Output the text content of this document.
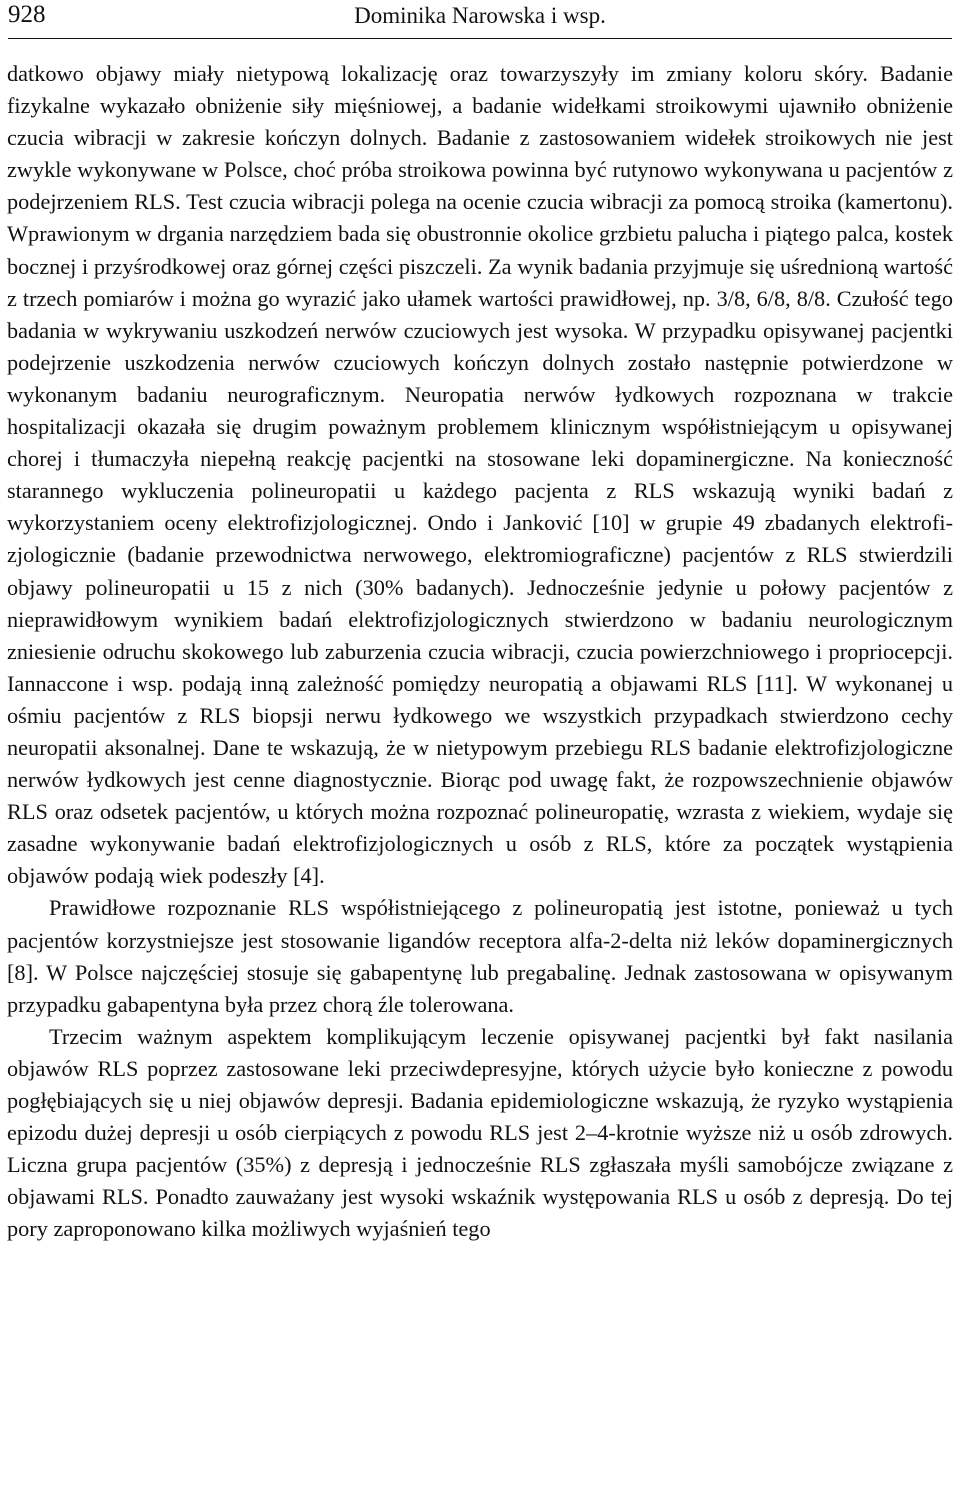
928	Dominika Narowska i wsp.

datkowo objawy miały nietypową lokalizację oraz towarzyszyły im zmiany koloru skóry. Badanie fizykalne wykazało obniżenie siły mięśniowej, a badanie widełkami stroikowymi ujawniło obniżenie czucia wibracji w zakresie kończyn dolnych. Badanie z zastosowaniem widełek stroikowych nie jest zwykle wykonywane w Polsce, choć próba stroikowa powinna być rutynowo wykonywana u pacjentów z podejrzeniem RLS. Test czucia wibracji polega na ocenie czucia wibracji za pomocą stroika (kamertonu). Wprawionym w drgania narzędziem bada się obustronnie okolice grzbietu palucha i piątego palca, kostek bocznej i przyśrodkowej oraz górnej części piszczeli. Za wynik badania przyjmuje się uśrednioną wartość z trzech pomiarów i można go wyrazić jako ułamek wartości prawidłowej, np. 3/8, 6/8, 8/8. Czułość tego badania w wykrywaniu uszkodzeń nerwów czuciowych jest wysoka. W przypadku opisywanej pacjentki podejrzenie uszkodzenia nerwów czuciowych kończyn dolnych zostało następnie potwierdzone w wykonanym badaniu neurograficznym. Neuropatia nerwów łydkowych rozpoznana w trakcie hospitalizacji okazała się drugim poważnym problemem klinicznym współistniejącym u opisywanej chorej i tłumaczyła niepełną reakcję pacjentki na stosowane leki dopaminergiczne. Na konieczność starannego wykluczenia polineuropatii u każdego pacjenta z RLS wskazują wyniki badań z wykorzystaniem oceny elektrofizjologicznej. Ondo i Janković [10] w grupie 49 zbadanych elektrofizjologicznie (badanie przewodnictwa nerwowego, elektromiograficzne) pacjentów z RLS stwierdzili objawy polineuropatii u 15 z nich (30% badanych). Jednocześnie jedynie u połowy pacjentów z nieprawidłowym wynikiem badań elektrofizjologicznych stwierdzono w badaniu neurologicznym zniesienie odruchu skokowego lub zaburzenia czucia wibracji, czucia powierzchniowego i propriocepcji. Iannaccone i wsp. podają inną zależność pomiędzy neuropatią a objawami RLS [11]. W wykonanej u ośmiu pacjentów z RLS biopsji nerwu łydkowego we wszystkich przypadkach stwierdzono cechy neuropatii aksonalnej. Dane te wskazują, że w nietypowym przebiegu RLS badanie elektrofizjologiczne nerwów łydkowych jest cenne diagnostycznie. Biorąc pod uwagę fakt, że rozpowszechnienie objawów RLS oraz odsetek pacjentów, u których można rozpoznać polineuropatię, wzrasta z wiekiem, wydaje się zasadne wykonywanie badań elektrofizjologicznych u osób z RLS, które za początek wystąpienia objawów podają wiek podeszły [4].

Prawidłowe rozpoznanie RLS współistniejącego z polineuropatią jest istotne, ponieważ u tych pacjentów korzystniejsze jest stosowanie ligandów receptora alfa-2-delta niż leków dopaminergicznych [8]. W Polsce najczęściej stosuje się gabapentynę lub pregabalinę. Jednak zastosowana w opisywanym przypadku gabapentyna była przez chorą źle tolerowana.

Trzecim ważnym aspektem komplikującym leczenie opisywanej pacjentki był fakt nasilania objawów RLS poprzez zastosowane leki przeciwdepresyjne, których użycie było konieczne z powodu pogłębiających się u niej objawów depresji. Badania epidemiologiczne wskazują, że ryzyko wystąpienia epizodu dużej depresji u osób cierpiących z powodu RLS jest 2–4-krotnie wyższe niż u osób zdrowych. Liczna grupa pacjentów (35%) z depresją i jednocześnie RLS zgłaszała myśli samobójcze związane z objawami RLS. Ponadto zauważany jest wysoki wskaźnik występowania RLS u osób z depresją. Do tej pory zaproponowano kilka możliwych wyjaśnień tego
